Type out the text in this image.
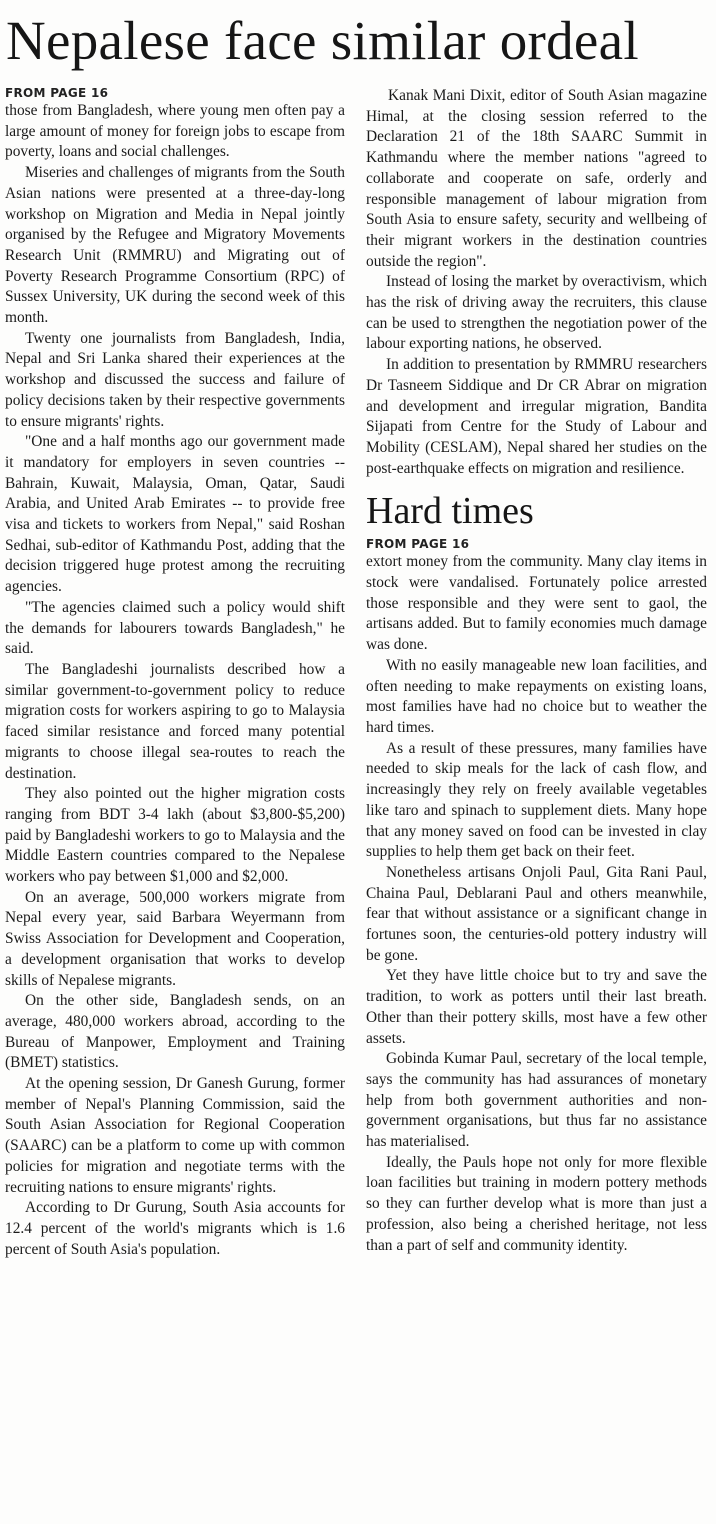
Nepalese face similar ordeal
FROM PAGE 16

those from Bangladesh, where young men often pay a large amount of money for foreign jobs to escape from poverty, loans and social challenges.

Miseries and challenges of migrants from the South Asian nations were presented at a three-day-long workshop on Migration and Media in Nepal jointly organised by the Refugee and Migratory Movements Research Unit (RMMRU) and Migrating out of Poverty Research Programme Consortium (RPC) of Sussex University, UK during the second week of this month.

Twenty one journalists from Bangladesh, India, Nepal and Sri Lanka shared their experiences at the workshop and discussed the success and failure of policy decisions taken by their respective governments to ensure migrants' rights.

"One and a half months ago our government made it mandatory for employers in seven countries -- Bahrain, Kuwait, Malaysia, Oman, Qatar, Saudi Arabia, and United Arab Emirates -- to provide free visa and tickets to workers from Nepal," said Roshan Sedhai, sub-editor of Kathmandu Post, adding that the decision triggered huge protest among the recruiting agencies.

"The agencies claimed such a policy would shift the demands for labourers towards Bangladesh," he said.

The Bangladeshi journalists described how a similar government-to-government policy to reduce migration costs for workers aspiring to go to Malaysia faced similar resistance and forced many potential migrants to choose illegal sea-routes to reach the destination.

They also pointed out the higher migration costs ranging from BDT 3-4 lakh (about $3,800-$5,200) paid by Bangladeshi workers to go to Malaysia and the Middle Eastern countries compared to the Nepalese workers who pay between $1,000 and $2,000.

On an average, 500,000 workers migrate from Nepal every year, said Barbara Weyermann from Swiss Association for Development and Cooperation, a development organisation that works to develop skills of Nepalese migrants.

On the other side, Bangladesh sends, on an average, 480,000 workers abroad, according to the Bureau of Manpower, Employment and Training (BMET) statistics.

At the opening session, Dr Ganesh Gurung, former member of Nepal's Planning Commission, said the South Asian Association for Regional Cooperation (SAARC) can be a platform to come up with common policies for migration and negotiate terms with the recruiting nations to ensure migrants' rights.

According to Dr Gurung, South Asia accounts for 12.4 percent of the world's migrants which is 1.6 percent of South Asia's population.

Kanak Mani Dixit, editor of South Asian magazine Himal, at the closing session referred to the Declaration 21 of the 18th SAARC Summit in Kathmandu where the member nations "agreed to collaborate and cooperate on safe, orderly and responsible management of labour migration from South Asia to ensure safety, security and wellbeing of their migrant workers in the destination countries outside the region".

Instead of losing the market by overactivism, which has the risk of driving away the recruiters, this clause can be used to strengthen the negotiation power of the labour exporting nations, he observed.

In addition to presentation by RMMRU researchers Dr Tasneem Siddique and Dr CR Abrar on migration and development and irregular migration, Bandita Sijapati from Centre for the Study of Labour and Mobility (CESLAM), Nepal shared her studies on the post-earthquake effects on migration and resilience.

Hard times
FROM PAGE 16

extort money from the community. Many clay items in stock were vandalised. Fortunately police arrested those responsible and they were sent to gaol, the artisans added. But to family economies much damage was done.

With no easily manageable new loan facilities, and often needing to make repayments on existing loans, most families have had no choice but to weather the hard times.

As a result of these pressures, many families have needed to skip meals for the lack of cash flow, and increasingly they rely on freely available vegetables like taro and spinach to supplement diets. Many hope that any money saved on food can be invested in clay supplies to help them get back on their feet.

Nonetheless artisans Onjoli Paul, Gita Rani Paul, Chaina Paul, Deblarani Paul and others meanwhile, fear that without assistance or a significant change in fortunes soon, the centuries-old pottery industry will be gone.

Yet they have little choice but to try and save the tradition, to work as potters until their last breath. Other than their pottery skills, most have a few other assets.

Gobinda Kumar Paul, secretary of the local temple, says the community has had assurances of monetary help from both government authorities and non-government organisations, but thus far no assistance has materialised.

Ideally, the Pauls hope not only for more flexible loan facilities but training in modern pottery methods so they can further develop what is more than just a profession, also being a cherished heritage, not less than a part of self and community identity.
